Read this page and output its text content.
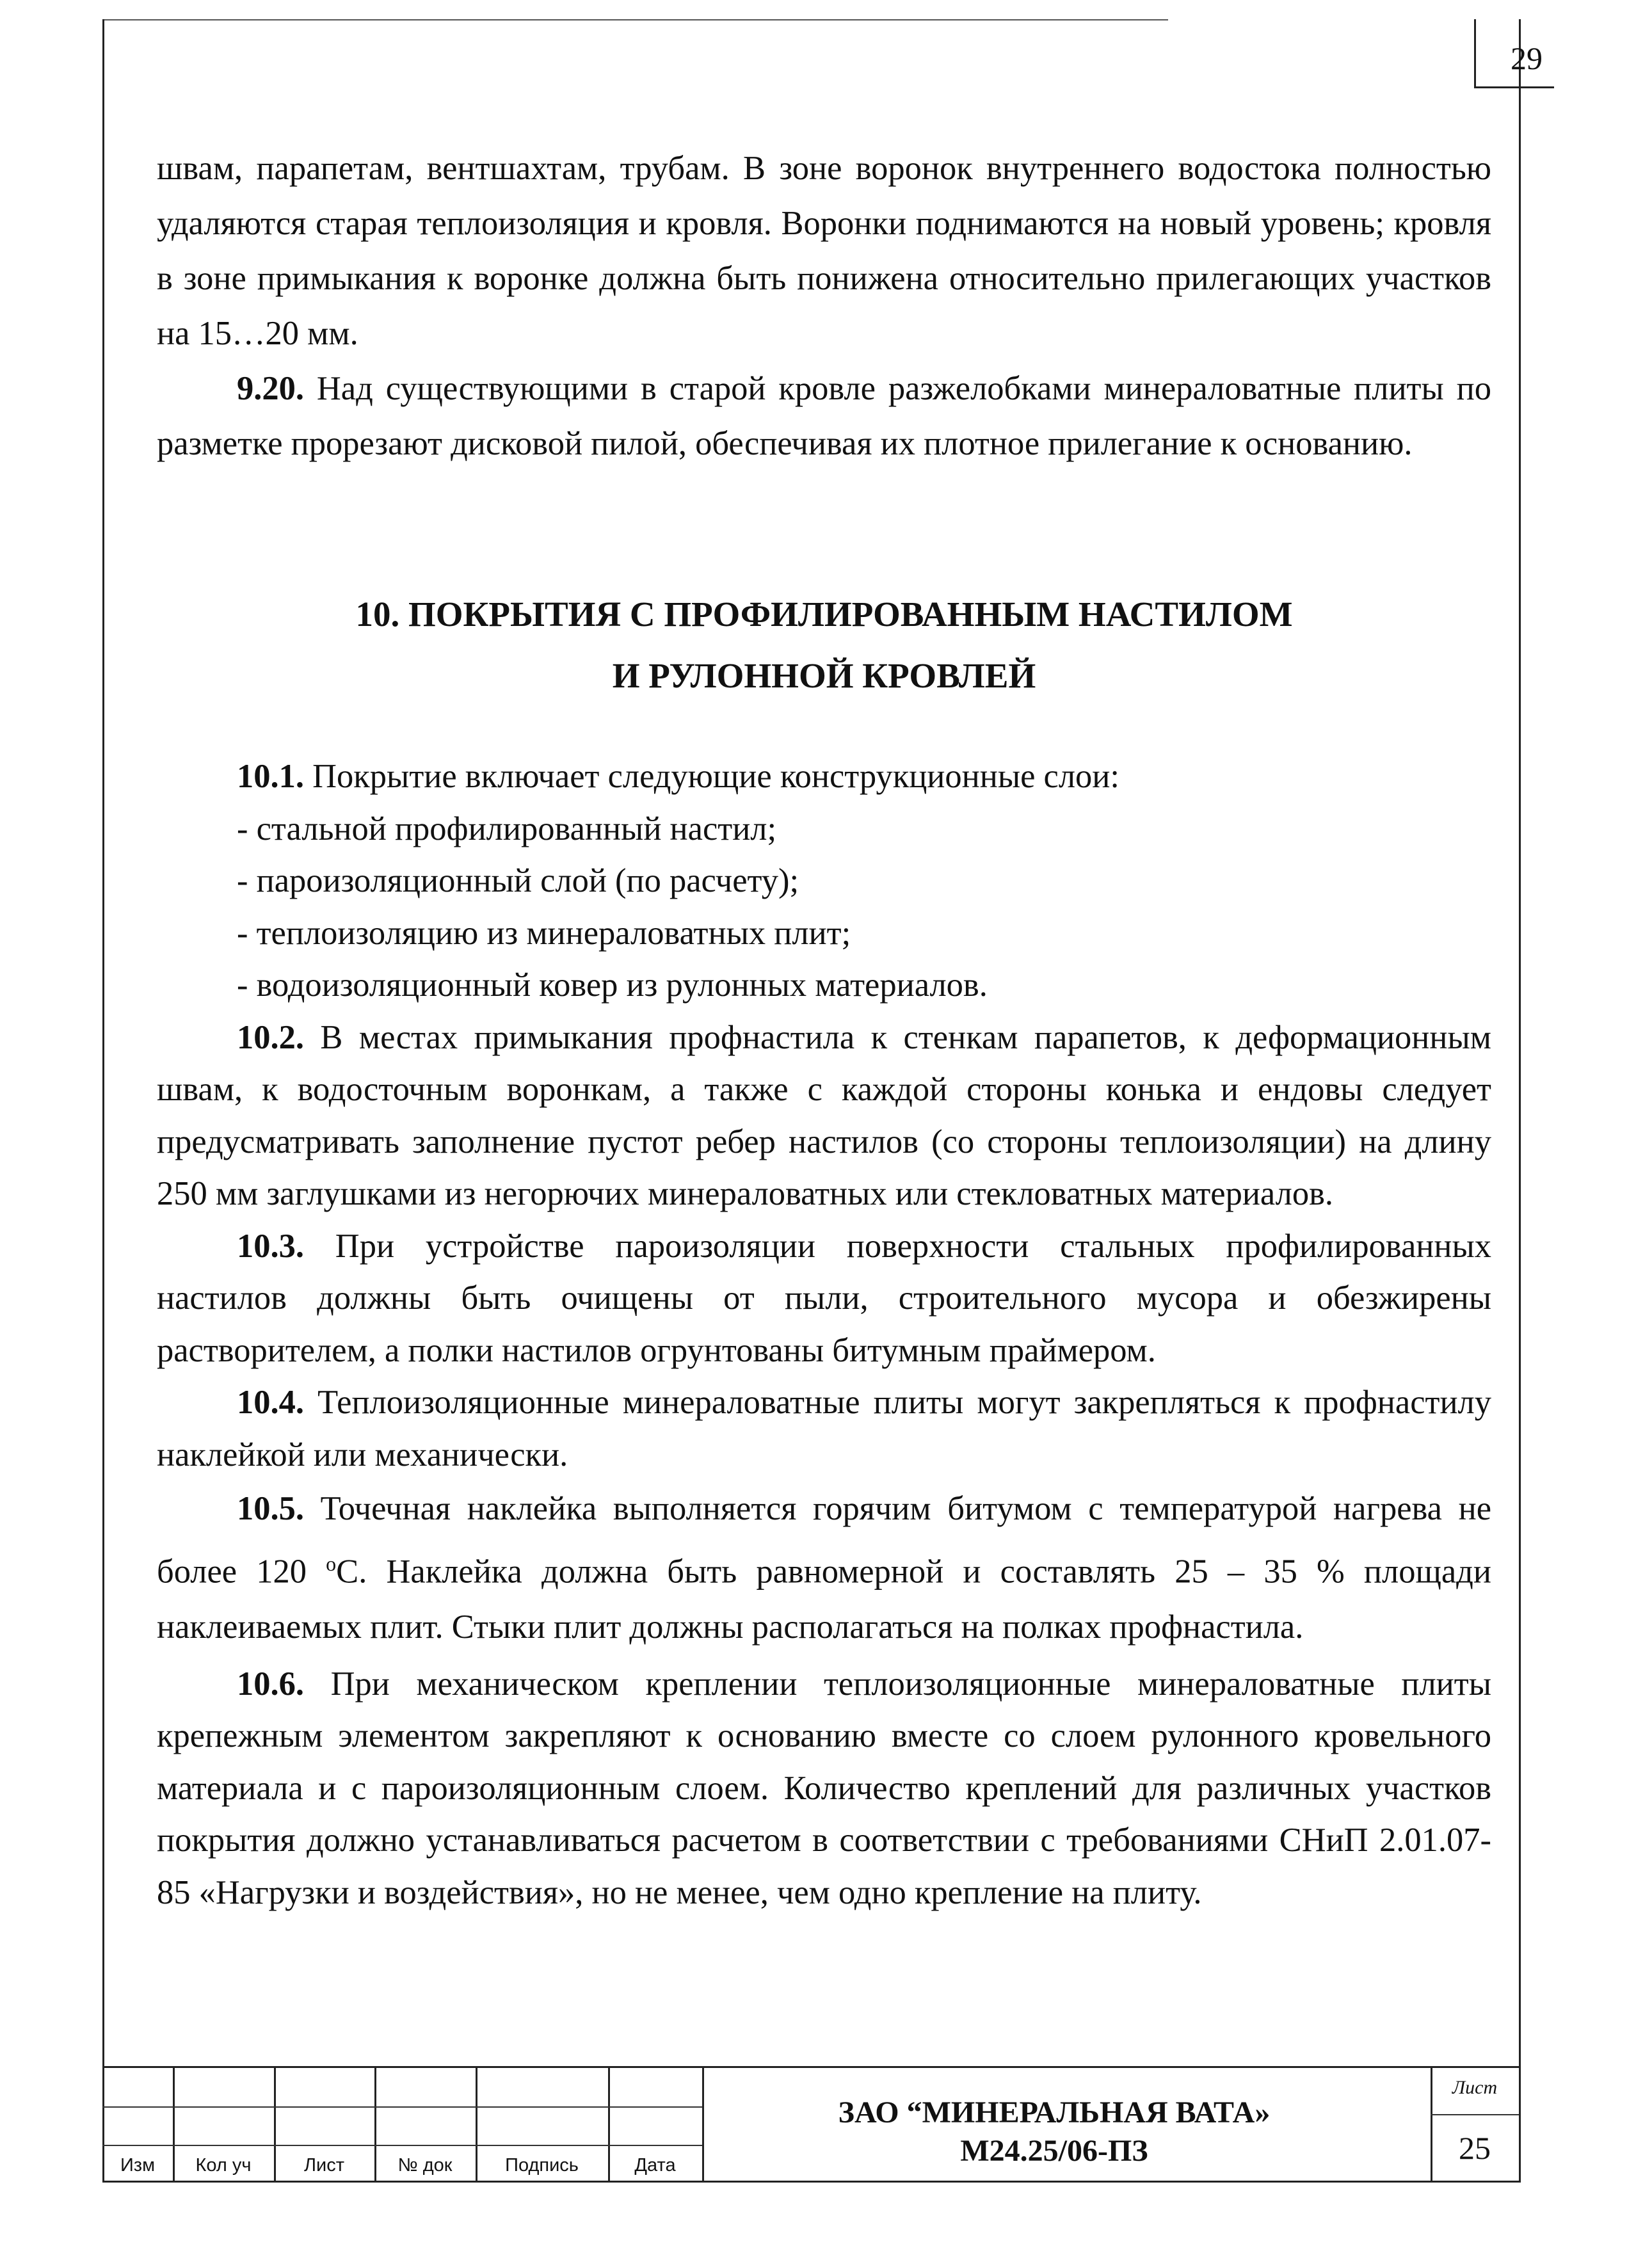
29

швам, парапетам, вентшахтам, трубам. В зоне воронок внутреннего водостока полностью удаляются старая теплоизоляция и кровля. Воронки поднимаются на новый уровень; кровля в зоне примыкания к воронке должна быть понижена относительно прилегающих участков на 15…20 мм.

9.20. Над существующими в старой кровле разжелобками минераловатные плиты по разметке прорезают дисковой пилой, обеспечивая их плотное прилегание к основанию.

10. ПОКРЫТИЯ С ПРОФИЛИРОВАННЫМ НАСТИЛОМ
И РУЛОННОЙ КРОВЛЕЙ

10.1. Покрытие включает следующие конструкционные слои:

- стальной профилированный настил;

- пароизоляционный слой (по расчету);

- теплоизоляцию из минераловатных плит;

- водоизоляционный ковер из рулонных материалов.

10.2. В местах примыкания профнастила к стенкам парапетов, к деформационным швам, к водосточным воронкам, а также с каждой стороны конька и ендовы следует предусматривать заполнение пустот ребер настилов (со стороны теплоизоляции) на длину 250 мм заглушками из негорючих минераловатных или стекловатных материалов.

10.3. При устройстве пароизоляции поверхности стальных профилированных настилов должны быть очищены от пыли, строительного мусора и обезжирены растворителем, а полки настилов огрунтованы битумным праймером.

10.4. Теплоизоляционные минераловатные плиты могут закрепляться к профнастилу наклейкой или механически.

10.5. Точечная наклейка выполняется горячим битумом с температурой нагрева не более 120 $^o$С. Наклейка должна быть равномерной и составлять 25 – 35 % площади наклеиваемых плит. Стыки плит должны располагаться на полках профнастила.

10.6. При механическом креплении теплоизоляционные минераловатные плиты крепежным элементом закрепляют к основанию вместе со слоем рулонного кровельного материала и с пароизоляционным слоем. Количество креплений для различных участков покрытия должно устанавливаться расчетом в соответствии с требованиями СНиП 2.01.07-85 «Нагрузки и воздействия», но не менее, чем одно крепление на плиту.

Изм	Кол уч	Лист	№ док	Подпись	Дата
ЗАО “МИНЕРАЛЬНАЯ ВАТА»
М24.25/06-ПЗ
Лист
25
